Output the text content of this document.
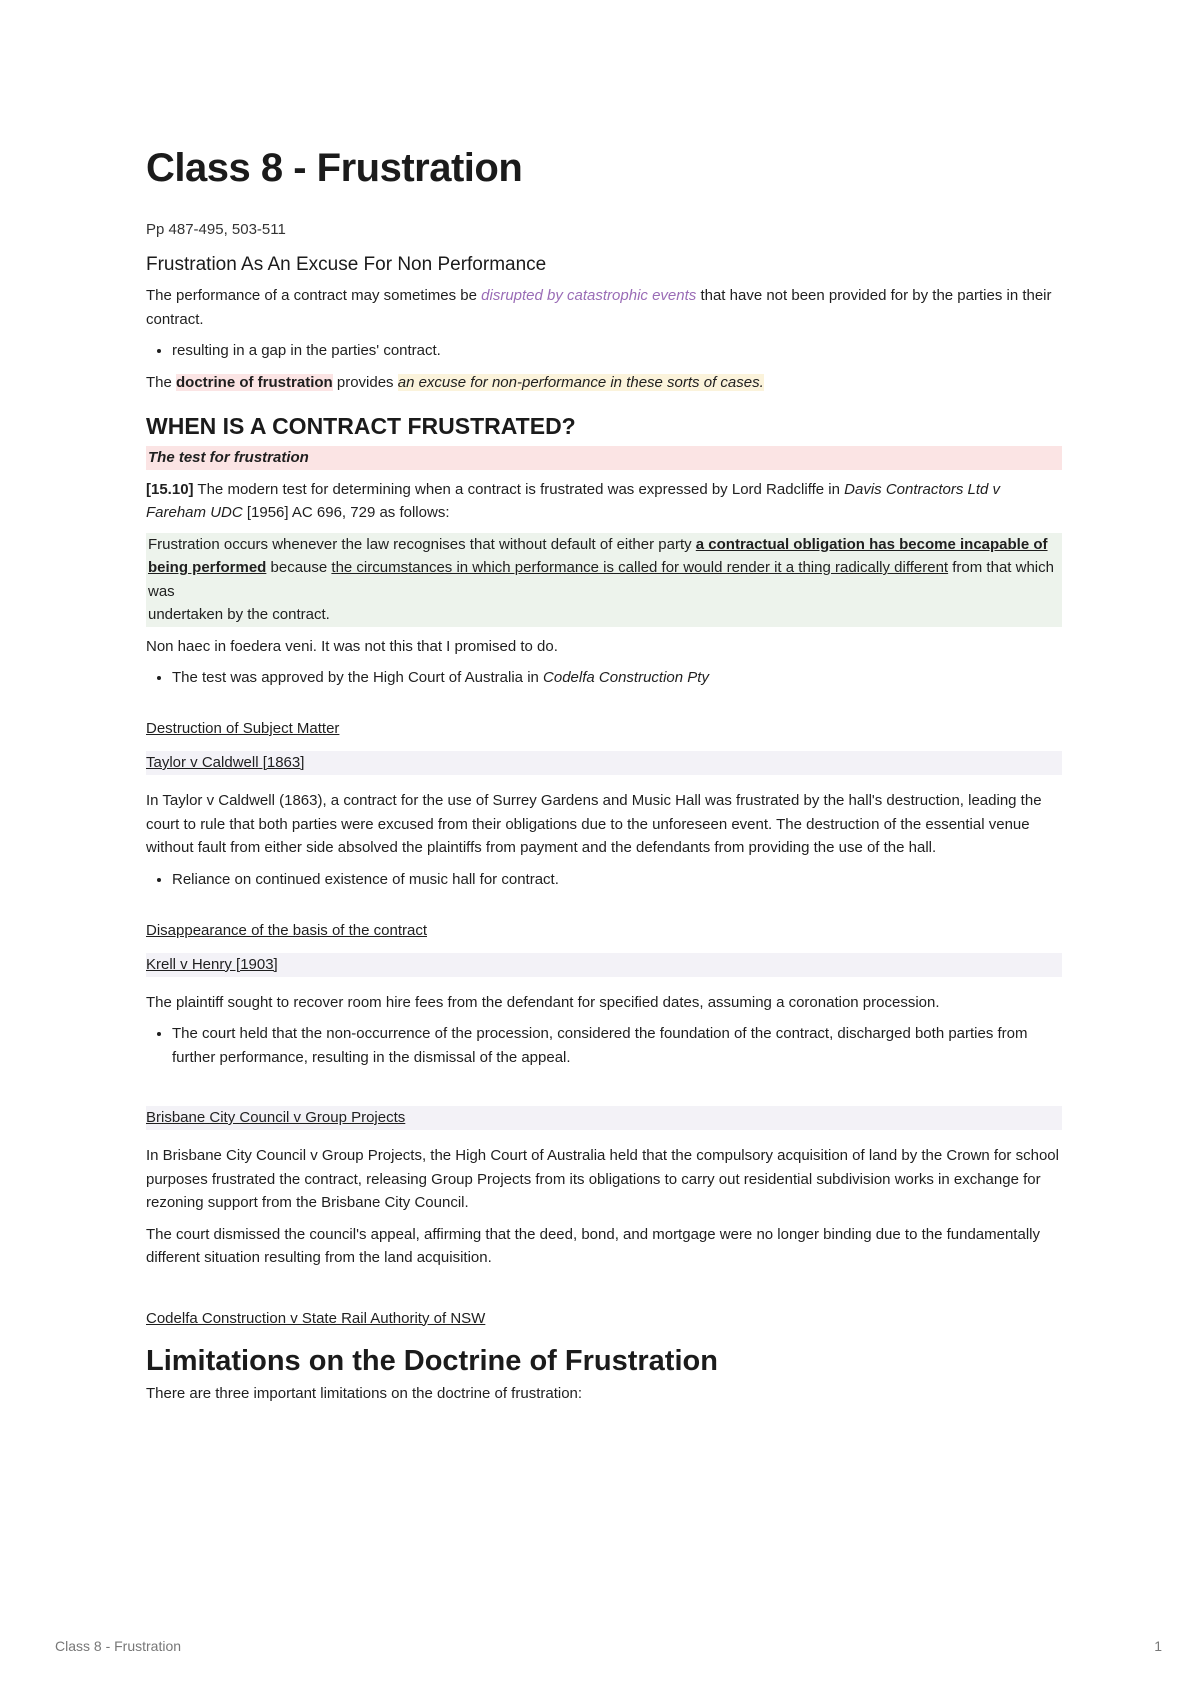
Class 8 - Frustration
Pp 487-495, 503-511
Frustration As An Excuse For Non Performance

The performance of a contract may sometimes be disrupted by catastrophic events that have not been provided for by the parties in their contract.

• resulting in a gap in the parties' contract.

The doctrine of frustration provides an excuse for non-performance in these sorts of cases.

WHEN IS A CONTRACT FRUSTRATED?
The test for frustration

[15.10] The modern test for determining when a contract is frustrated was expressed by Lord Radcliffe in Davis Contractors Ltd v Fareham UDC [1956] AC 696, 729 as follows:

Frustration occurs whenever the law recognises that without default of either party a contractual obligation has become incapable of being performed because the circumstances in which performance is called for would render it a thing radically different from that which was
undertaken by the contract.

Non haec in foedera veni. It was not this that I promised to do.

• The test was approved by the High Court of Australia in Codelfa Construction Pty
Destruction of Subject Matter
Taylor v Caldwell [1863]

In Taylor v Caldwell (1863), a contract for the use of Surrey Gardens and Music Hall was frustrated by the hall's destruction, leading the court to rule that both parties were excused from their obligations due to the unforeseen event. The destruction of the essential venue without fault from either side absolved the plaintiffs from payment and the defendants from providing the use of the hall.

• Reliance on continued existence of music hall for contract.
Disappearance of the basis of the contract
Krell v Henry [1903]

The plaintiff sought to recover room hire fees from the defendant for specified dates, assuming a coronation procession.

• The court held that the non-occurrence of the procession, considered the foundation of the contract, discharged both parties from further performance, resulting in the dismissal of the appeal.
Brisbane City Council v Group Projects

In Brisbane City Council v Group Projects, the High Court of Australia held that the compulsory acquisition of land by the Crown for school purposes frustrated the contract, releasing Group Projects from its obligations to carry out residential subdivision works in exchange for rezoning support from the Brisbane City Council.

The court dismissed the council's appeal, affirming that the deed, bond, and mortgage were no longer binding due to the fundamentally different situation resulting from the land acquisition.

Codelfa Construction v State Rail Authority of NSW
Limitations on the Doctrine of Frustration

There are three important limitations on the doctrine of frustration:

Class 8 - Frustration	1
